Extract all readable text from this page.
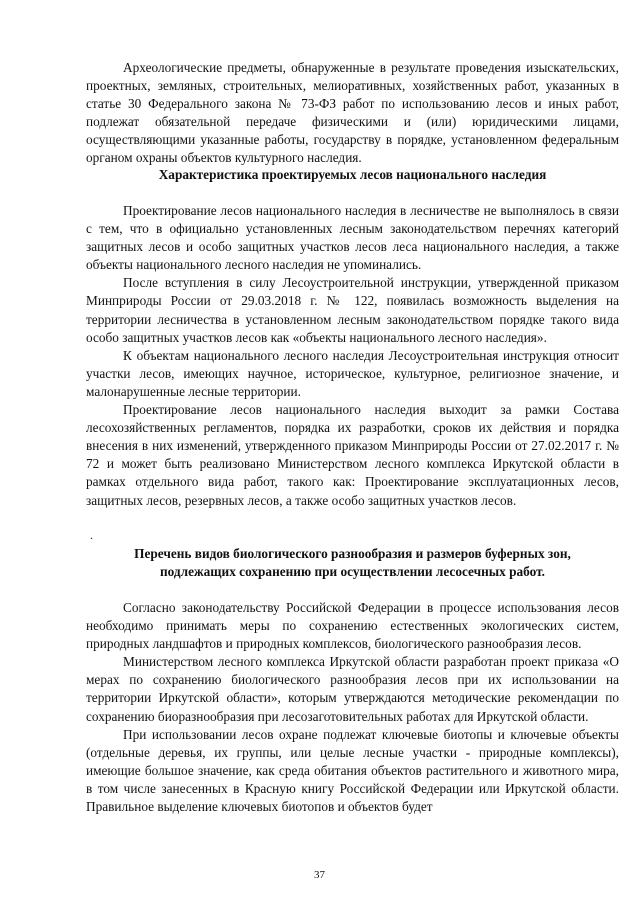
Археологические предметы, обнаруженные в результате проведения изыскательских, проектных, земляных, строительных, мелиоративных, хозяйственных работ, указанных в статье 30 Федерального закона № 73-ФЗ работ по использованию лесов и иных работ, подлежат обязательной передаче физическими и (или) юридическими лицами, осуществляющими указанные работы, государству в порядке, установленном федеральным органом охраны объектов культурного наследия.

Характеристика проектируемых лесов национального наследия

Проектирование лесов национального наследия в лесничестве не выполнялось в связи с тем, что в официально установленных лесным законодательством перечнях категорий защитных лесов и особо защитных участков лесов леса национального наследия, а также объекты национального лесного наследия не упоминались.

После вступления в силу Лесоустроительной инструкции, утвержденной приказом Минприроды России от 29.03.2018 г. № 122, появилась возможность выделения на территории лесничества в установленном лесным законодательством порядке такого вида особо защитных участков лесов как «объекты национального лесного наследия».

К объектам национального лесного наследия Лесоустроительная инструкция относит участки лесов, имеющих научное, историческое, культурное, религиозное значение, и малонарушенные лесные территории.

Проектирование лесов национального наследия выходит за рамки Состава лесохозяйственных регламентов, порядка их разработки, сроков их действия и порядка внесения в них изменений, утвержденного приказом Минприроды России от 27.02.2017 г. № 72 и может быть реализовано Министерством лесного комплекса Иркутской области в рамках отдельного вида работ, такого как: Проектирование эксплуатационных лесов, защитных лесов, резервных лесов, а также особо защитных участков лесов.

.

Перечень видов биологического разнообразия и размеров буферных зон,

подлежащих сохранению при осуществлении лесосечных работ.

Согласно законодательству Российской Федерации в процессе использования лесов необходимо принимать меры по сохранению естественных экологических систем, природных ландшафтов и природных комплексов, биологического разнообразия лесов.

Министерством лесного комплекса Иркутской области разработан проект приказа «О мерах по сохранению биологического разнообразия лесов при их использовании на территории Иркутской области», которым утверждаются методические рекомендации по сохранению биоразнообразия при лесозаготовительных работах для Иркутской области.

При использовании лесов охране подлежат ключевые биотопы и ключевые объекты (отдельные деревья, их группы, или целые лесные участки - природные комплексы), имеющие большое значение, как среда обитания объектов растительного и животного мира, в том числе занесенных в Красную книгу Российской Федерации или Иркутской области. Правильное выделение ключевых биотопов и объектов будет

37
